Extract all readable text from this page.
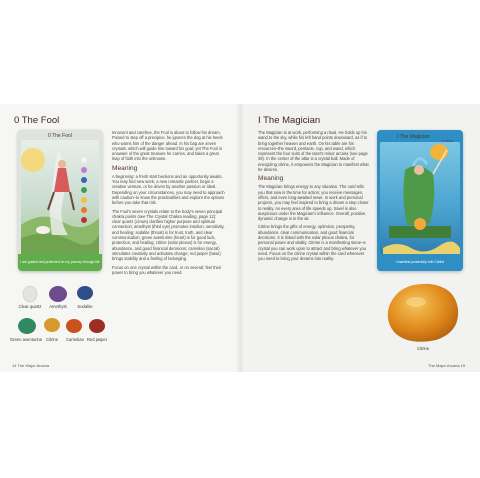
0 The Fool
0 The Fool
I am guided and protected on my journey through life
Clear quartz	Amethyst	Sodalite
Green aventurine Citrine	Carnelian Red jasper

Innocent and carefree, the Fool is about to follow his dream. Poised to step off a precipice, he ignores the dog at his heels who warns him of the danger ahead. In his bag are seven crystals, which will guide him toward his goal; yet The Fool is unaware of the great treasure he carries, and takes a great leap of faith into the unknown.

Meaning

A beginning: a fresh start beckons and an opportunity awaits. You may find new work, a new romantic partner, begin a creative venture, or be driven by another passion or ideal. Depending on your circumstances, you may need to approach with caution–to know the practicalities and explore the options before you take that risk.

The Fool's seven crystals relate to the body's seven principal chakra points (see The Crystal Chakra reading, page 12): clear quartz (crown) clarifies higher purpose and spiritual connection; amethyst (third eye) promotes intuition, sensitivity, and healing; sodalite (throat) is for trust, truth, and clear communication; green aventurine (heart) is for good luck, protection, and healing; citrine (solar plexus) is for energy, abundance, and good financial decisions; carnelian (sacral) stimulates creativity and activates change; red jasper (base) brings stability and a feeling of belonging.

Focus on one crystal within the card, or on several; feel their power to bring you whatever you need.

14 The Major Arcana
I The Magician

The Magician is at work, performing a ritual. He holds up his wand to the sky, while his left hand points downward, as if to bring together heaven and earth. On his table are his resources–the sword, pentacle, cup, and wand, which represent the four suits of the tarot's minor arcana (see page 39). In the center of the altar is a crystal ball. Made of energizing citrine, it empowers the Magician to manifest what he desires.

Meaning

The Magician brings energy to any situation. The card tells you that now is the time for action; you receive messages, offers, and even long-awaited news. In work and personal projects, you may feel inspired to bring a dream a step closer to reality. As every area of life speeds up, travel is also auspicious under the Magician's influence. Overall, positive, dynamic change is in the air.

Citrine brings the gifts of energy, optimism, prosperity, abundance, clear communication, and good financial decisions. It is linked with the solar plexus chakra, for personal power and vitality. Citrine is a manifesting stone–a crystal you can work upon to attract and bring whatever you need. Focus on the citrine crystal within the card whenever you need to bring your dreams into reality.

I The Magician
CITRINE
I manifest powerfully with Citrine
Citrine
The Major Arcana 15
